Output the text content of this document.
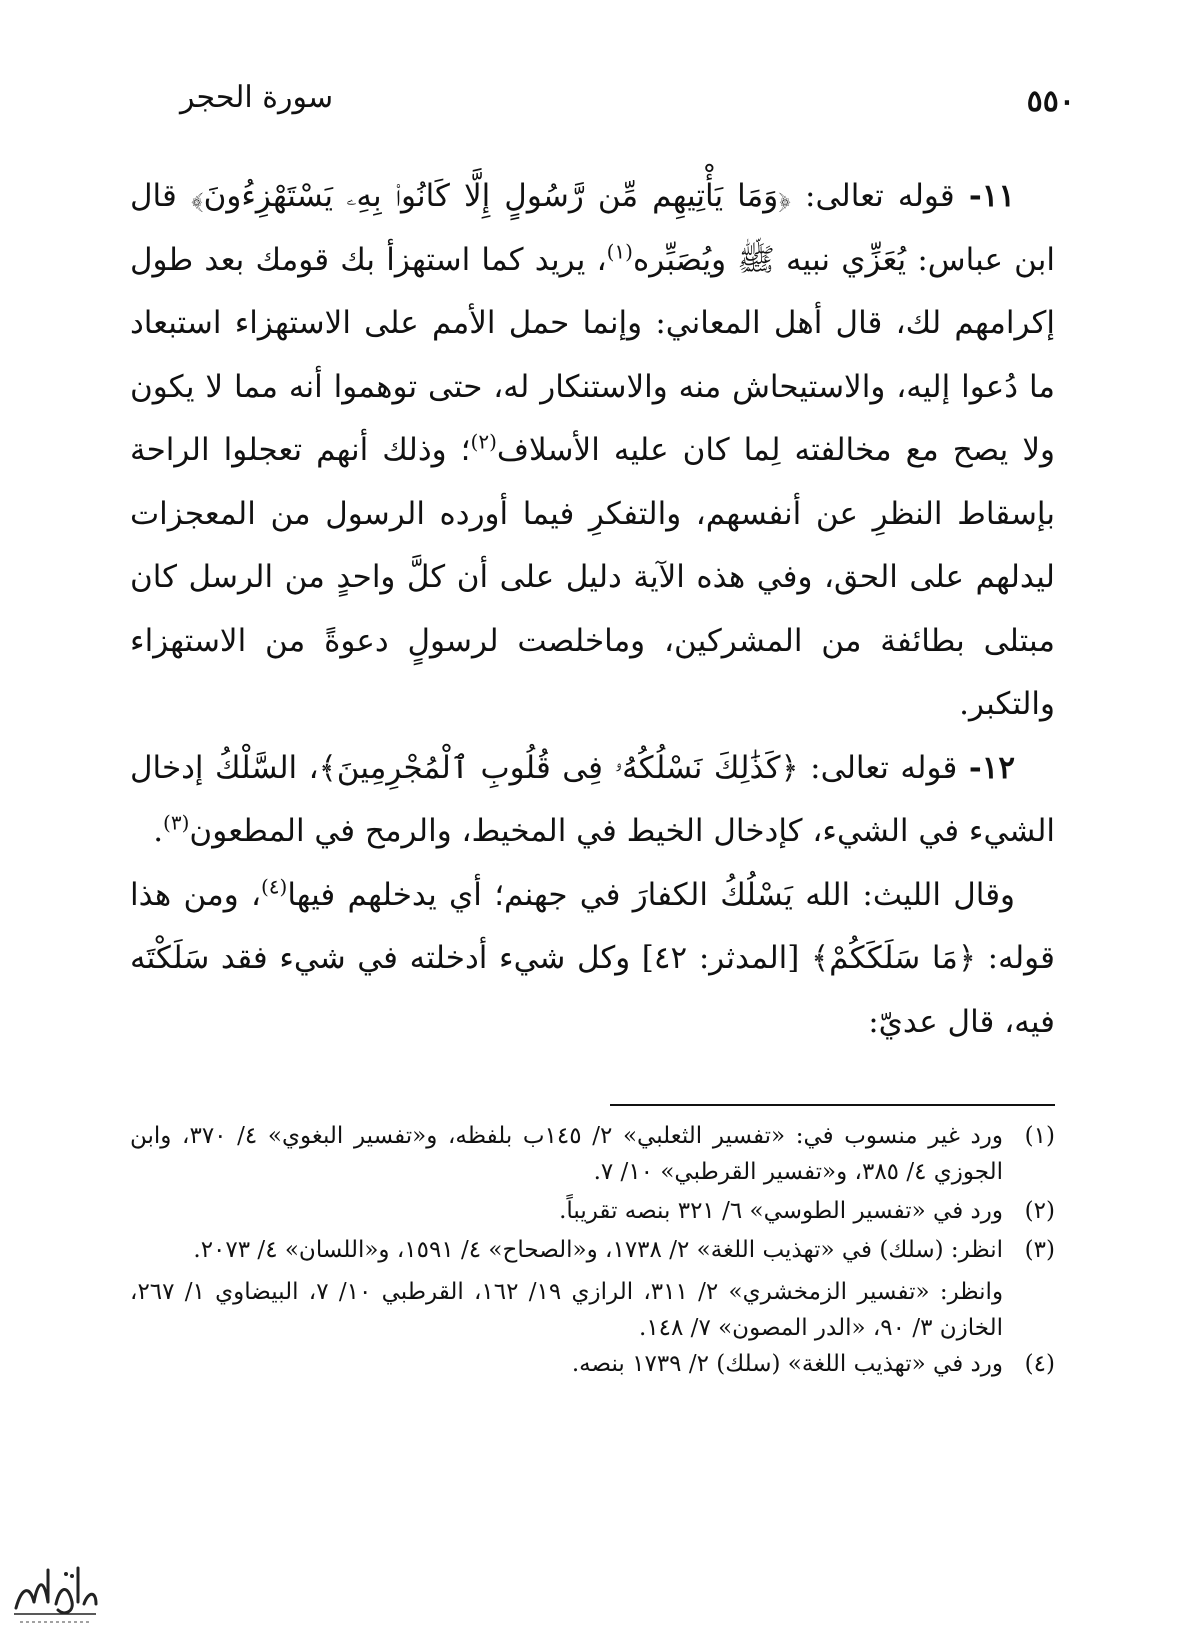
٥٥٠
سورة الحجر

١١- قوله تعالى: ﴿وَمَا يَأْتِيهِم مِّن رَّسُولٍ إِلَّا كَانُوا۟ بِهِۦ يَسْتَهْزِءُونَ﴾ قال ابن عباس: يُعَزِّي نبيه ﷺ ويُصَبِّره$^{(١)}$، يريد كما استهزأ بك قومك بعد طول إكرامهم لك، قال أهل المعاني: وإنما حمل الأمم على الاستهزاء استبعاد ما دُعوا إليه، والاستيحاش منه والاستنكار له، حتى توهموا أنه مما لا يكون ولا يصح مع مخالفته لِما كان عليه الأسلاف$^{(٢)}$؛ وذلك أنهم تعجلوا الراحة بإسقاط النظرِ عن أنفسهم، والتفكرِ فيما أورده الرسول من المعجزات ليدلهم على الحق، وفي هذه الآية دليل على أن كلَّ واحدٍ من الرسل كان مبتلى بطائفة من المشركين، وماخلصت لرسولٍ دعوةً من الاستهزاء والتكبر.

١٢- قوله تعالى: ﴿كَذَٰلِكَ نَسْلُكُهُۥ فِى قُلُوبِ ٱلْمُجْرِمِينَ﴾، السَّلْكُ إدخال الشيء في الشيء، كإدخال الخيط في المخيط، والرمح في المطعون$^{(٣)}$.

وقال الليث: الله يَسْلُكُ الكفارَ في جهنم؛ أي يدخلهم فيها$^{(٤)}$، ومن هذا قوله: ﴿مَا سَلَكَكُمْ﴾ [المدثر: ٤٢] وكل شيء أدخلته في شيء فقد سَلَكْتَه فيه، قال عديّ:

(١)
ورد غير منسوب في: «تفسير الثعلبي» ٢/ ١٤٥ب بلفظه، و«تفسير البغوي» ٤/ ٣٧٠، وابن الجوزي ٤/ ٣٨٥، و«تفسير القرطبي» ١٠/ ٧.
(٢)
ورد في «تفسير الطوسي» ٦/ ٣٢١ بنصه تقريباً.
(٣)
انظر: (سلك) في «تهذيب اللغة» ٢/ ١٧٣٨، و«الصحاح» ٤/ ١٥٩١، و«اللسان» ٤/ ٢٠٧٣.
وانظر: «تفسير الزمخشري» ٢/ ٣١١، الرازي ١٩/ ١٦٢، القرطبي ١٠/ ٧، البيضاوي ١/ ٢٦٧، الخازن ٣/ ٩٠، «الدر المصون» ٧/ ١٤٨.
(٤)
ورد في «تهذيب اللغة» (سلك) ٢/ ١٧٣٩ بنصه.
